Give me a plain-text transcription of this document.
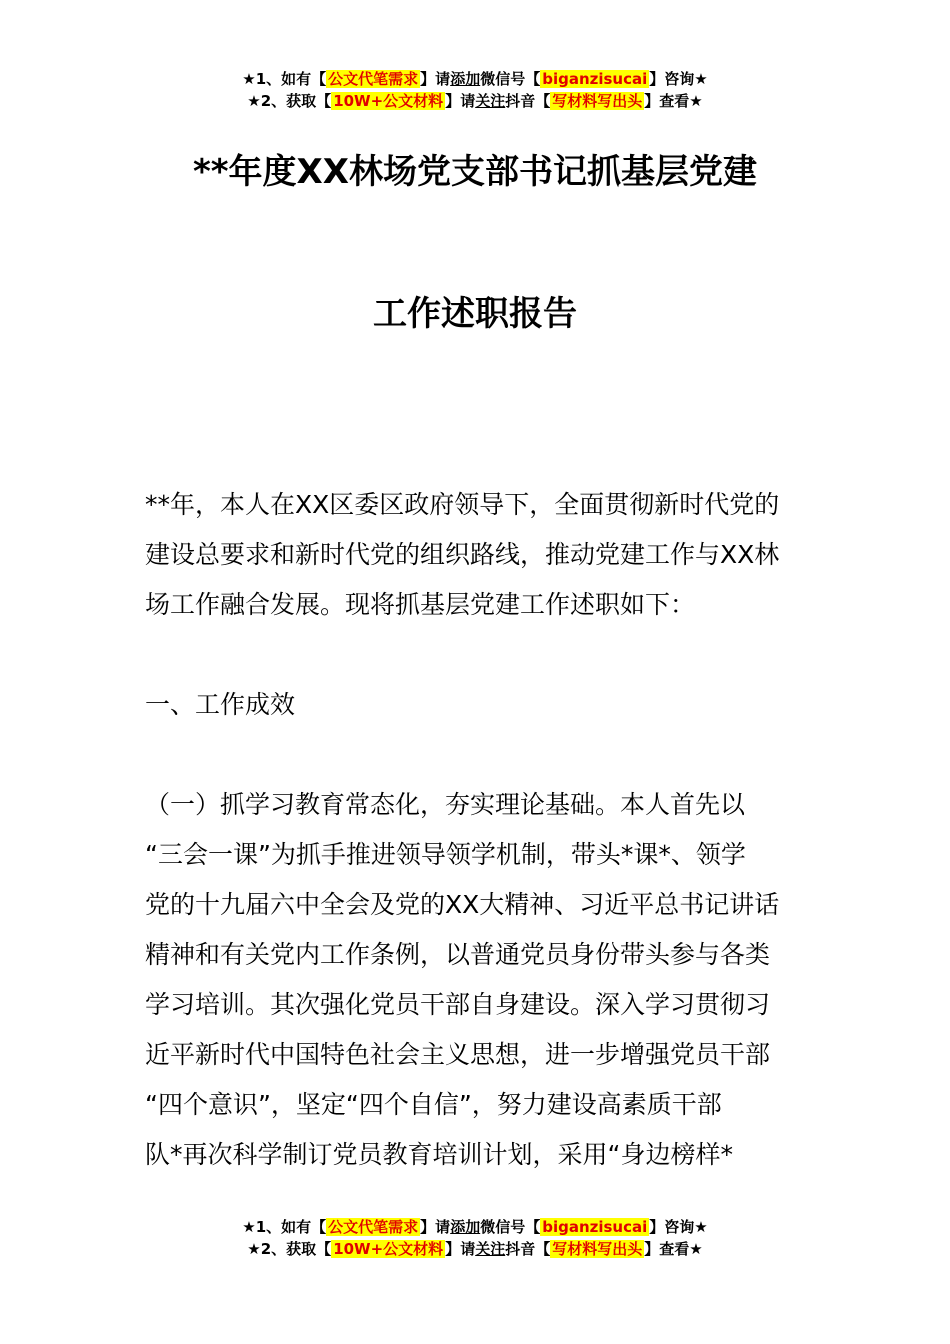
★1、如有【 公文代笔需求 】请添加微信号【 biganzisucai 】咨询★
★2、获取【 10W+公文材料 】请关注抖音【 写材料写出头 】查看★
**年度XX林场党支部书记抓基层党建
工作述职报告
**年，本人在XX区委区政府领导下，全面贯彻新时代党的
建设总要求和新时代党的组织路线，推动党建工作与XX林
场工作融合发展。现将抓基层党建工作述职如下：
一、工作成效
（一）抓学习教育常态化，夯实理论基础。本人首先以
“三会一课”为抓手推进领导领学机制，带头*课*、领学
党的十九届六中全会及党的XX大精神、习近平总书记讲话
精神和有关党内工作条例，以普通党员身份带头参与各类
学习培训。其次强化党员干部自身建设。深入学习贯彻习
近平新时代中国特色社会主义思想，进一步增强党员干部
“四个意识”，坚定“四个自信”，努力建设高素质干部
队*再次科学制订党员教育培训计划，采用“身边榜样*
★1、如有【 公文代笔需求 】请添加微信号【 biganzisucai 】咨询★
★2、获取【 10W+公文材料 】请关注抖音【 写材料写出头 】查看★
